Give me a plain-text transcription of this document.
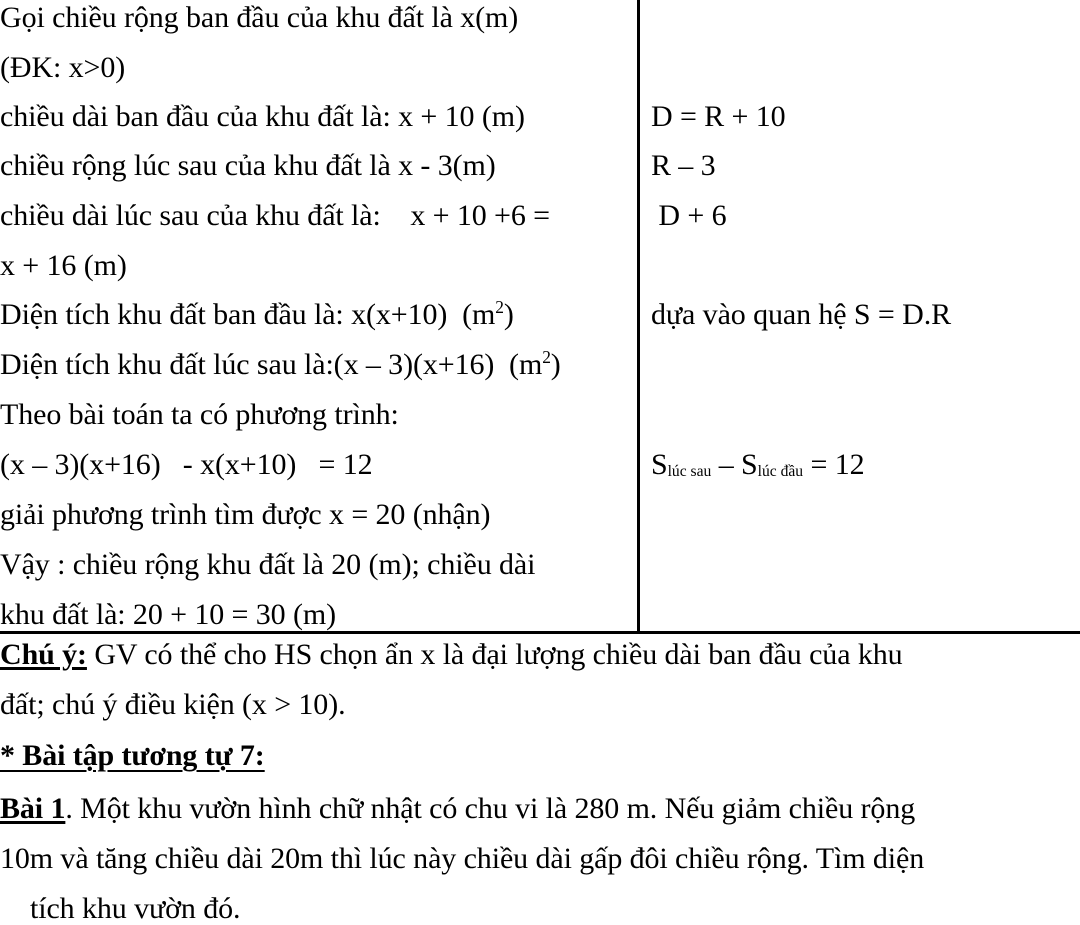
Gọi chiều rộng ban đầu của khu đất là x(m)
(ĐK: x>0)
chiều dài ban đầu của khu đất là: x + 10 (m)
chiều rộng lúc sau của khu đất là x - 3(m)
chiều dài lúc sau của khu đất là:    x + 10 +6 =
x + 16 (m)
Diện tích khu đất ban đầu là: x(x+10)  $(m^2)$
Diện tích khu đất lúc sau là:(x – 3)(x+16)  $(m^2)$
Theo bài toán ta có phương trình:
(x – 3)(x+16)   - x(x+10)   = 12
giải phương trình tìm được x = 20 (nhận)
Vậy : chiều rộng khu đất là 20 (m); chiều dài
khu đất là: 20 + 10 = 30 (m)
D = R + 10
R – 3
D + 6
dựa vào quan hệ S = D.R
Slúc sau – Slúc đầu = 12
Chú ý: GV có thể cho HS chọn ẩn x là đại lượng chiều dài ban đầu của khu
đất; chú ý điều kiện (x > 10).
* Bài tập tương tự 7:
Bài 1. Một khu vườn hình chữ nhật có chu vi là 280 m. Nếu giảm chiều rộng
10m và tăng chiều dài 20m thì lúc này chiều dài gấp đôi chiều rộng. Tìm diện
tích khu vườn đó.
